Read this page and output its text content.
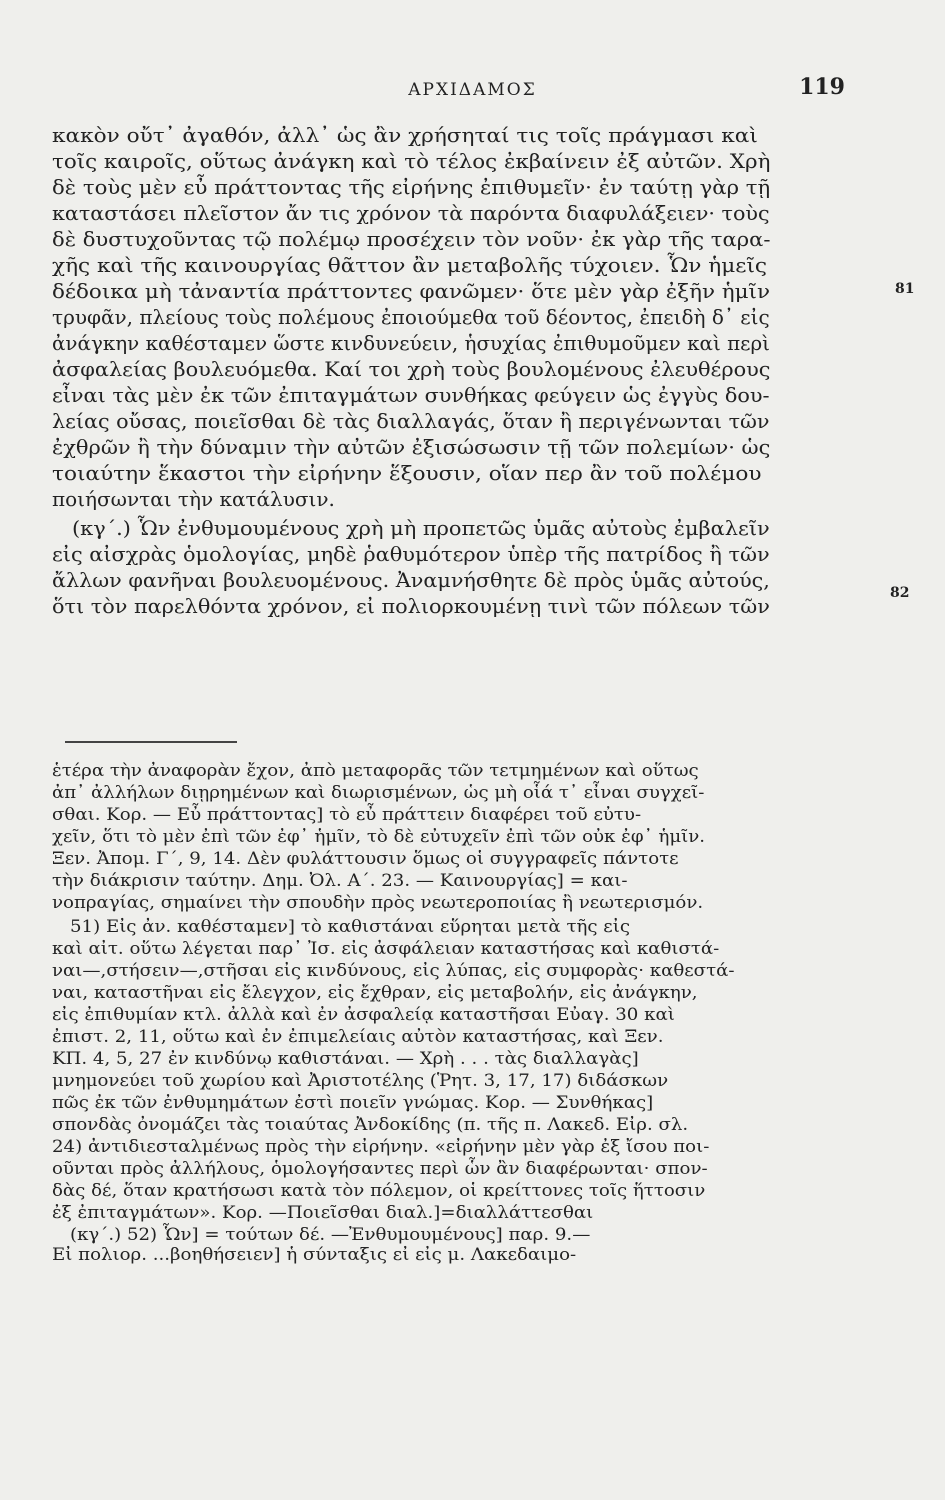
ΑΡΧΙΔΑΜΟΣ	119
81
82
κακὸν οὔτ᾽ ἀγαθόν, ἀλλ᾽ ὡς ἂν χρήσηταί τις τοῖς πράγμασι καὶ
τοῖς καιροῖς, οὕτως ἀνάγκη καὶ τὸ τέλος ἐκβαίνειν ἐξ αὐτῶν. Χρὴ
δὲ τοὺς μὲν εὖ πράττοντας τῆς εἰρήνης ἐπιθυμεῖν· ἐν ταύτῃ γὰρ τῇ
καταστάσει πλεῖστον ἄν τις χρόνον τὰ παρόντα διαφυλάξειεν· τοὺς
δὲ δυστυχοῦντας τῷ πολέμῳ προσέχειν τὸν νοῦν· ἐκ γὰρ τῆς ταρα-
χῆς καὶ τῆς καινουργίας θᾶττον ἂν μεταβολῆς τύχοιεν. Ὧν ἡμεῖς
δέδοικα μὴ τἀναντία πράττοντες φανῶμεν· ὅτε μὲν γὰρ ἐξῆν ἡμῖν
τρυφᾶν, πλείους τοὺς πολέμους ἐποιούμεθα τοῦ δέοντος, ἐπειδὴ δ᾽ εἰς
ἀνάγκην καθέσταμεν ὥστε κινδυνεύειν, ἡσυχίας ἐπιθυμοῦμεν καὶ περὶ
ἀσφαλείας βουλευόμεθα. Καί τοι χρὴ τοὺς βουλομένους ἐλευθέρους
εἶναι τὰς μὲν ἐκ τῶν ἐπιταγμάτων συνθήκας φεύγειν ὡς ἐγγὺς δου-
λείας οὔσας, ποιεῖσθαι δὲ τὰς διαλλαγάς, ὅταν ἢ περιγένωνται τῶν
ἐχθρῶν ἢ τὴν δύναμιν τὴν αὐτῶν ἐξισώσωσιν τῇ τῶν πολεμίων· ὡς
τοιαύτην ἕκαστοι τὴν εἰρήνην ἕξουσιν, οἵαν περ ἂν τοῦ πολέμου
ποιήσωνται τὴν κατάλυσιν.
(κγ΄.) Ὧν ἐνθυμουμένους χρὴ μὴ προπετῶς ὑμᾶς αὐτοὺς ἐμβαλεῖν
εἰς αἰσχρὰς ὁμολογίας, μηδὲ ῥαθυμότερον ὑπὲρ τῆς πατρίδος ἢ τῶν
ἄλλων φανῆναι βουλευομένους. Ἀναμνήσθητε δὲ πρὸς ὑμᾶς αὐτούς,
ὅτι τὸν παρελθόντα χρόνον, εἰ πολιορκουμένῃ τινὶ τῶν πόλεων τῶν
ἑτέρα τὴν ἀναφορὰν ἔχον, ἀπὸ μεταφορᾶς τῶν τετμημένων καὶ οὕτως
ἀπ᾽ ἀλλήλων διῃρημένων καὶ διωρισμένων, ὡς μὴ οἷά τ᾽ εἶναι συγχεῖ-
σθαι. Κορ. — Εὖ πράττοντας] τὸ εὖ πράττειν διαφέρει τοῦ εὐτυ-
χεῖν, ὅτι τὸ μὲν ἐπὶ τῶν ἐφ᾽ ἡμῖν, τὸ δὲ εὐτυχεῖν ἐπὶ τῶν οὐκ ἐφ᾽ ἡμῖν.
Ξεν. Ἀπομ. Γ΄, 9, 14. Δὲν φυλάττουσιν ὅμως οἱ συγγραφεῖς πάντοτε
τὴν διάκρισιν ταύτην. Δημ. Ὀλ. Α΄. 23. — Καινουργίας] = και-
νοπραγίας, σημαίνει τὴν σπουδὴν πρὸς νεωτεροποιίας ἢ νεωτερισμόν.
51) Εἰς ἀν. καθέσταμεν] τὸ καθιστάναι εὕρηται μετὰ τῆς εἰς
καὶ αἰτ. οὕτω λέγεται παρ᾽ Ἰσ. εἰς ἀσφάλειαν καταστήσας καὶ καθιστά-
ναι—,στήσειν—,στῆσαι εἰς κινδύνους, εἰς λύπας, εἰς συμφορὰς· καθεστά-
ναι, καταστῆναι εἰς ἔλεγχον, εἰς ἔχθραν, εἰς μεταβολήν, εἰς ἀνάγκην,
εἰς ἐπιθυμίαν κτλ. ἀλλὰ καὶ ἐν ἀσφαλείᾳ καταστῆσαι Εὐαγ. 30 καὶ
ἐπιστ. 2, 11, οὕτω καὶ ἐν ἐπιμελείαις αὐτὸν καταστήσας, καὶ Ξεν.
ΚΠ. 4, 5, 27 ἐν κινδύνῳ καθιστάναι. — Χρὴ . . . τὰς διαλλαγὰς]
μνημονεύει τοῦ χωρίου καὶ Ἀριστοτέλης (Ῥητ. 3, 17, 17) διδάσκων
πῶς ἐκ τῶν ἐνθυμημάτων ἐστὶ ποιεῖν γνώμας. Κορ. — Συνθήκας]
σπονδὰς ὀνομάζει τὰς τοιαύτας Ἀνδοκίδης (π. τῆς π. Λακεδ. Εἰρ. σλ.
24) ἀντιδιεσταλμένως πρὸς τὴν εἰρήνην. «εἰρήνην μὲν γὰρ ἐξ ἴσου ποι-
οῦνται πρὸς ἀλλήλους, ὁμολογήσαντες περὶ ὧν ἂν διαφέρωνται· σπον-
δὰς δέ, ὅταν κρατήσωσι κατὰ τὸν πόλεμον, οἱ κρείττονες τοῖς ἥττοσιν
ἐξ ἐπιταγμάτων». Κορ. —Ποιεῖσθαι διαλ.]=διαλλάττεσθαι
(κγ΄.) 52) Ὧν] = τούτων δέ. —Ἐνθυμουμένους] παρ. 9.—
Εἰ πολιορ. ...βοηθήσειεν] ἡ σύνταξις εἰ εἰς μ. Λακεδαιμο-
